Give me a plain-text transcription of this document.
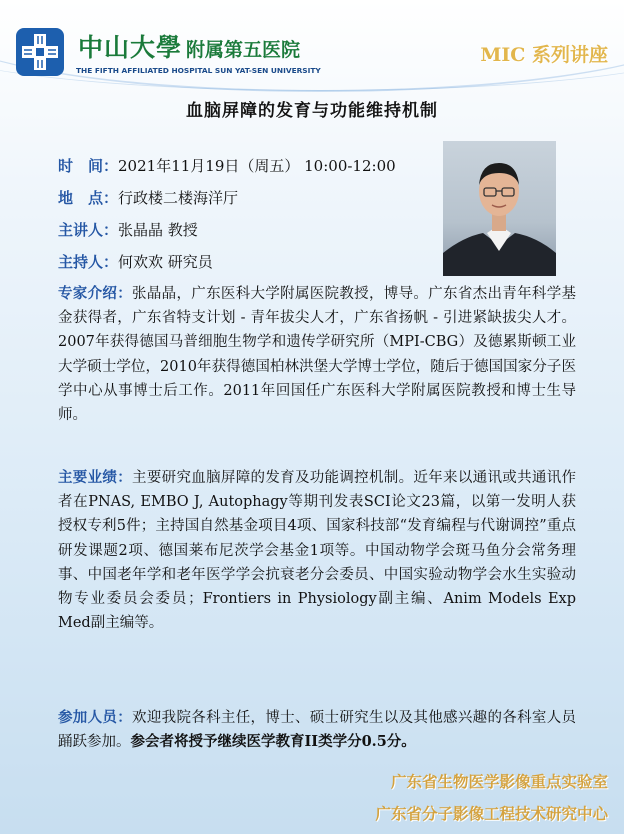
中山大學 附属第五医院
THE FIFTH AFFILIATED HOSPITAL SUN YAT-SEN UNIVERSITY
MIC 系列讲座
血脑屏障的发育与功能维持机制
时　间：2021年11月19日（周五） 10:00-12:00
地　点：行政楼二楼海洋厅
主讲人：张晶晶 教授
主持人：何欢欢 研究员
专家介绍：张晶晶，广东医科大学附属医院教授，博导。广东省杰出青年科学基金获得者，广东省特支计划 - 青年拔尖人才，广东省扬帆 - 引进紧缺拔尖人才。2007年获得德国马普细胞生物学和遗传学研究所（MPI-CBG）及德累斯顿工业大学硕士学位，2010年获得德国柏林洪堡大学博士学位，随后于德国国家分子医学中心从事博士后工作。2011年回国任广东医科大学附属医院教授和博士生导师。
主要业绩：主要研究血脑屏障的发育及功能调控机制。近年来以通讯或共通讯作者在PNAS, EMBO J, Autophagy等期刊发表SCI论文23篇，以第一发明人获授权专利5件；主持国自然基金项目4项、国家科技部“发育编程与代谢调控”重点研发课题2项、德国莱布尼茨学会基金1项等。中国动物学会斑马鱼分会常务理事、中国老年学和老年医学学会抗衰老分会委员、中国实验动物学会水生实验动物专业委员会委员；Frontiers in Physiology副主编、Anim Models Exp Med副主编等。
参加人员：欢迎我院各科主任，博士、硕士研究生以及其他感兴趣的各科室人员踊跃参加。参会者将授予继续医学教育II类学分0.5分。
广东省生物医学影像重点实验室
广东省分子影像工程技术研究中心
